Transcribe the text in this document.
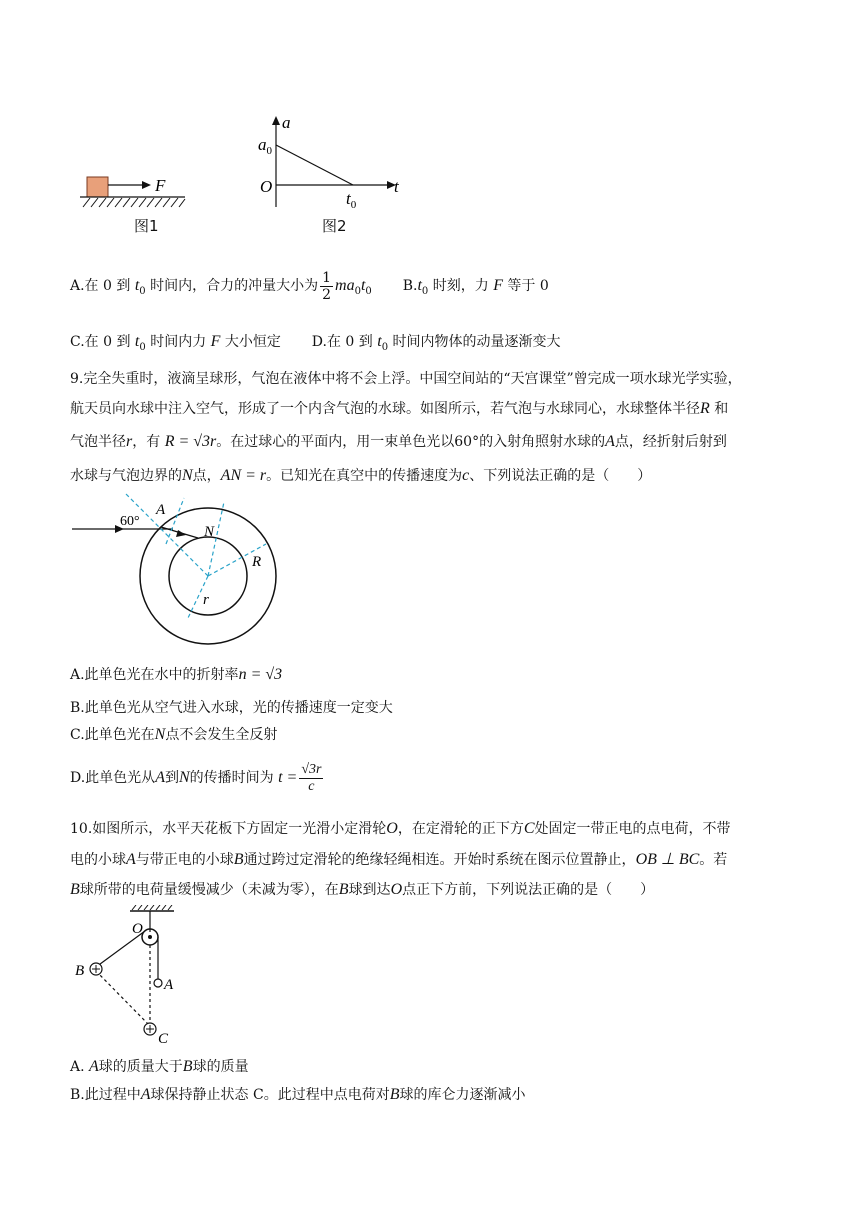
F
图1
a
t
O
$a_0$
$t_0$
图2
A.在 0 到 $t_0$ 时间内，合力的冲量大小为 $\frac{1}{2} ma_0t_0$ $B.t_0$ 时刻，力 F 等于 0
C.在 0 到 $t_0$ 时间内力 F 大小恒定 D.在 0 到 $t_0$ 时间内物体的动量逐渐变大
9.完全失重时，液滴呈球形，气泡在液体中将不会上浮。中国空间站的“天宫课堂”曾完成一项水球光学实验，
航天员向水球中注入空气，形成了一个内含气泡的水球。如图所示，若气泡与水球同心，水球整体半径R 和
气泡半径r，有 R = √3r。在过球心的平面内，用一束单色光以60°的入射角照射水球的A点，经折射后射到
水球与气泡边界的N点，AN = r。已知光在真空中的传播速度为c、下列说法正确的是（　　）
60°
A
N
R
r
A.此单色光在水中的折射率n = √3
B.此单色光从空气进入水球，光的传播速度一定变大
C.此单色光在N点不会发生全反射
D.此单色光从A到N的传播时间为 $t = \frac{√3r}{c}$
10.如图所示，水平天花板下方固定一光滑小定滑轮O，在定滑轮的正下方C处固定一带正电的点电荷，不带
电的小球A与带正电的小球B通过跨过定滑轮的绝缘轻绳相连。开始时系统在图示位置静止，OB ⊥ BC。若
B球所带的电荷量缓慢减少（未减为零），在B球到达O点正下方前，下列说法正确的是（　　）
O
B
A
C
A. A球的质量大于B球的质量
B.此过程中A球保持静止状态 C。此过程中点电荷对B球的库仑力逐渐减小
